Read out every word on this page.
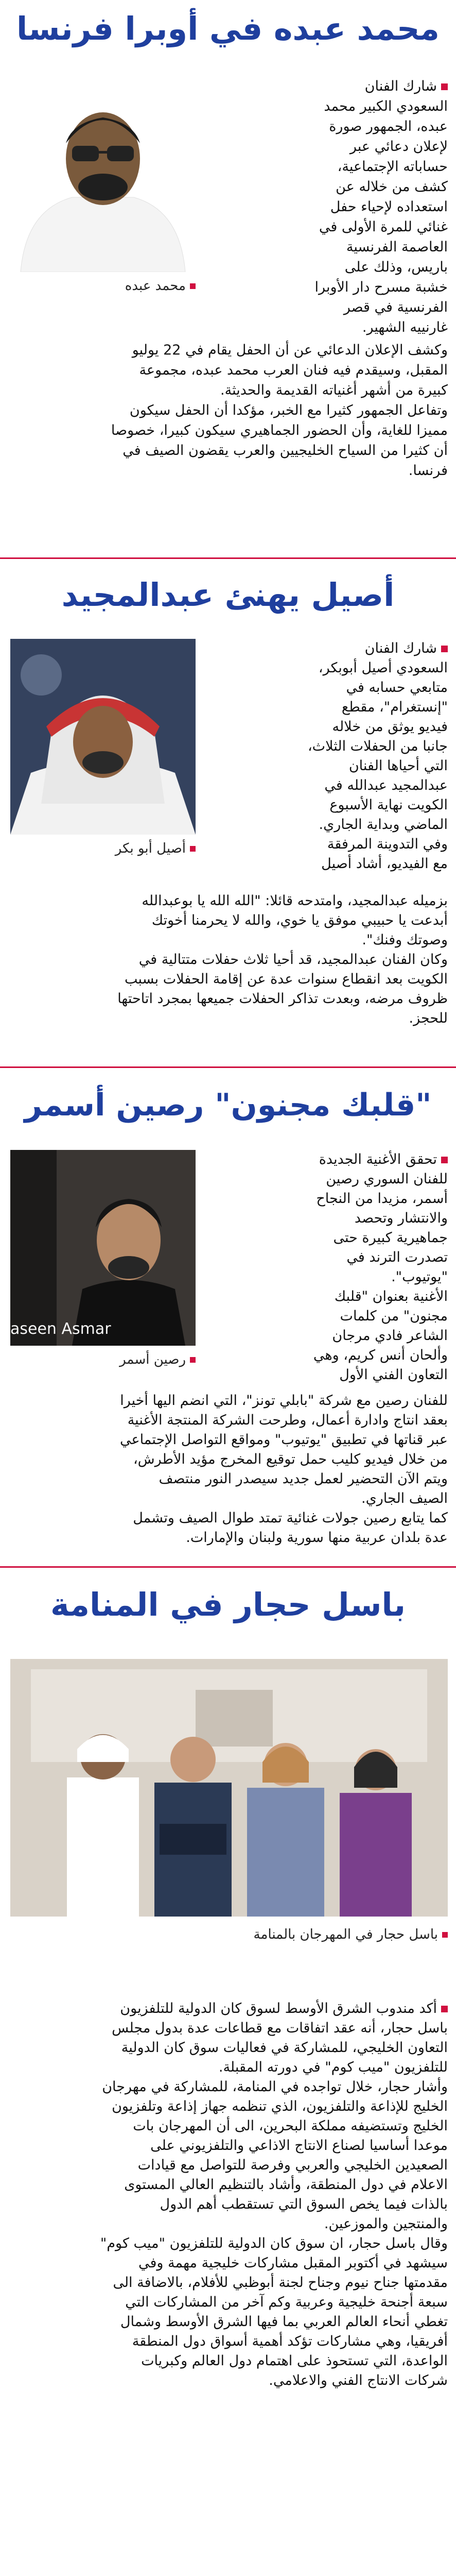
محمد عبده في أوبرا فرنسا
محمد عبده
شارك الفنان
السعودي الكبير محمد
عبده، الجمهور صورة
لإعلان دعائي عبر
حساباته الإجتماعية،
كشف من خلاله عن
استعداده لإحياء حفل
غنائي للمرة الأولى في
العاصمة الفرنسية
باريس، وذلك على
خشبة مسرح دار الأوبرا
الفرنسية في قصر
غارنييه الشهير.
وكشف الإعلان الدعائي عن أن الحفل يقام في 22 يوليو
المقبل، وسيقدم فيه فنان العرب محمد عبده، مجموعة
كبيرة من أشهر أغنياته القديمة والحديثة.
وتفاعل الجمهور كثيرا مع الخبر، مؤكدا أن الحفل سيكون
مميزا للغاية، وأن الحضور الجماهيري سيكون كبيرا، خصوصا
أن كثيرا من السياح الخليجيين والعرب يقضون الصيف في
فرنسا.
أصيل يهنئ عبدالمجيد
أصيل أبو بكر
شارك الفنان
السعودي أصيل أبوبكر،
متابعي حسابه في
"إنستغرام"، مقطع
فيديو يوثق من خلاله
جانبا من الحفلات الثلاث،
التي أحياها الفنان
عبدالمجيد عبدالله في
الكويت نهاية الأسبوع
الماضي وبداية الجاري.
وفي التدوينة المرفقة
مع الفيديو، أشاد أصيل
بزميله عبدالمجيد، وامتدحه قائلا: "الله الله يا بوعبدالله
أبدعت يا حبيبي موفق يا خوي، والله لا يحرمنا أخوتك
وصوتك وفنك".
وكان الفنان عبدالمجيد، قد أحيا ثلاث حفلات متتالية في
الكويت بعد انقطاع سنوات عدة عن إقامة الحفلات بسبب
ظروف مرضه، وبعدت تذاكر الحفلات جميعها بمجرد اتاحتها
للحجز.
"قلبك مجنون" رصين أسمر
aseen Asmar
رصين أسمر
تحقق الأغنية الجديدة
للفنان السوري رصين
أسمر، مزيدا من النجاح
والانتشار وتحصد
جماهيرية كبيرة حتى
تصدرت الترند في
"يوتيوب".
الأغنية بعنوان "قلبك
مجنون" من كلمات
الشاعر فادي مرجان
وألحان أنس كريم، وهي
التعاون الفني الأول
للفنان رصين مع شركة "بابلي تونز"، التي انضم اليها أخيرا
بعقد انتاج وادارة أعمال، وطرحت الشركة المنتجة الأغنية
عبر قناتها في تطبيق "يوتيوب" ومواقع التواصل الإجتماعي
من خلال فيديو كليب حمل توقيع المخرج مؤيد الأطرش،
ويتم الآن التحضير لعمل جديد سيصدر النور منتصف
الصيف الجاري.
كما يتابع رصين جولات غنائية تمتد طوال الصيف وتشمل
عدة بلدان عربية منها سورية ولبنان والإمارات.
باسل حجار في المنامة
باسل حجار في المهرجان بالمنامة
أكد مندوب الشرق الأوسط لسوق كان الدولية للتلفزيون
باسل حجار، أنه عقد اتفاقات مع قطاعات عدة بدول مجلس
التعاون الخليجي، للمشاركة في فعاليات سوق كان الدولية
للتلفزيون "ميب كوم" في دورته المقبلة.
وأشار حجار، خلال تواجده في المنامة، للمشاركة في مهرجان
الخليج للإذاعة والتلفزيون، الذي تنظمه جهاز إذاعة وتلفزيون
الخليج وتستضيفه مملكة البحرين، الى أن المهرجان بات
موعدا أساسيا لصناع الانتاج الاذاعي والتلفزيوني على
الصعيدين الخليجي والعربي وفرصة للتواصل مع قيادات
الاعلام في دول المنطقة، وأشاد بالتنظيم العالي المستوى
بالذات فيما يخص السوق التي تستقطب أهم الدول
والمنتجين والموزعين.
وقال باسل حجار، ان سوق كان الدولية للتلفزيون "ميب كوم"
سيشهد في أكتوبر المقبل مشاركات خليجية مهمة وفي
مقدمتها جناح نيوم وجناح لجنة أبوظبي للأفلام، بالاضافة الى
سبعة أجنحة خليجية وعربية وكم آخر من المشاركات التي
تغطي أنحاء العالم العربي بما فيها الشرق الأوسط وشمال
أفريقيا، وهي مشاركات تؤكد أهمية أسواق دول المنطقة
الواعدة، التي تستحوذ على اهتمام دول العالم وكبريات
شركات الانتاج الفني والاعلامي.
